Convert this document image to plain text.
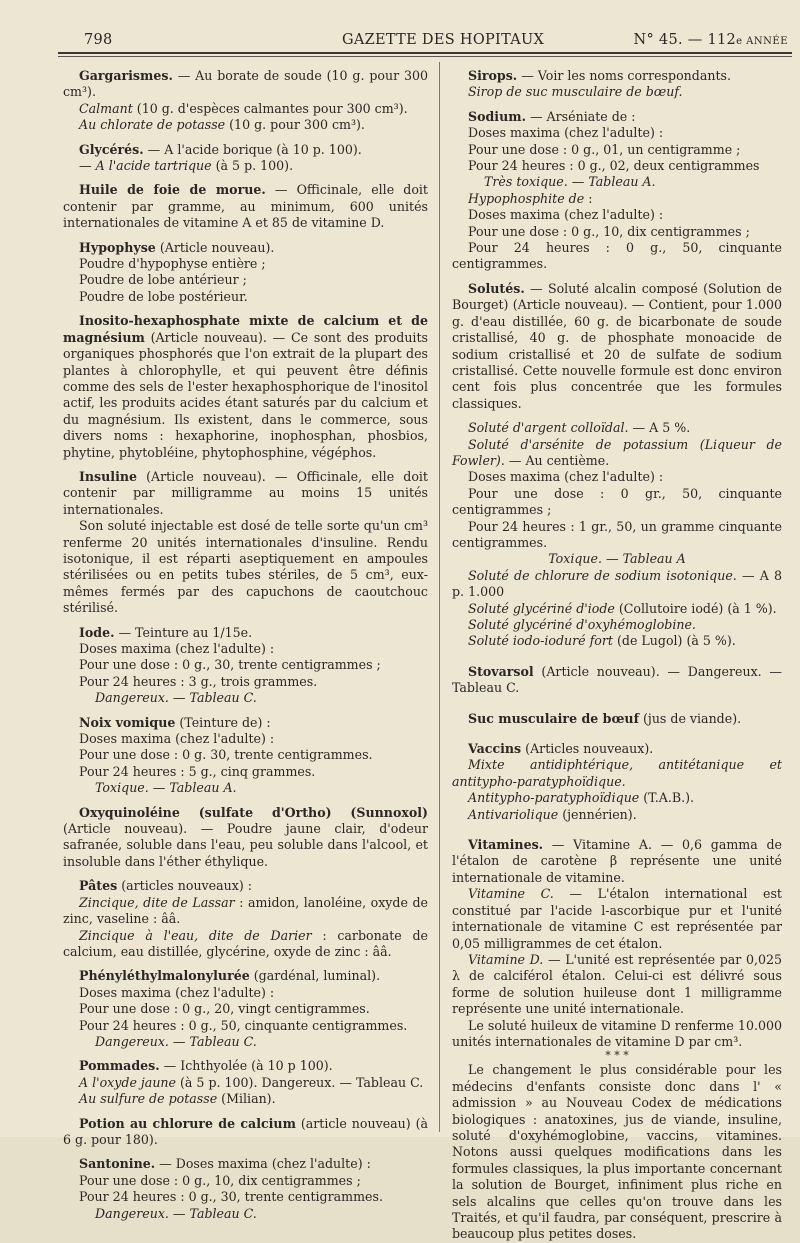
798	GAZETTE DES HOPITAUX	N° 45. — 112e ANNÉE

Gargarismes. — Au borate de soude (10 g. pour 300 cm³).

Calmant (10 g. d'espèces calmantes pour 300 cm³).

Au chlorate de potasse (10 g. pour 300 cm³).

Glycérés. — A l'acide borique (à 10 p. 100).

— A l'acide tartrique (à 5 p. 100).

Huile de foie de morue. — Officinale, elle doit contenir par gramme, au minimum, 600 unités internationales de vitamine A et 85 de vitamine D.

Hypophyse (Article nouveau).

Poudre d'hypophyse entière ;

Poudre de lobe antérieur ;

Poudre de lobe postérieur.

Inosito-hexaphosphate mixte de calcium et de magnésium (Article nouveau). — Ce sont des produits organiques phosphorés que l'on extrait de la plupart des plantes à chlorophylle, et qui peuvent être définis comme des sels de l'ester hexaphosphorique de l'inositol actif, les produits acides étant saturés par du calcium et du magnésium. Ils existent, dans le commerce, sous divers noms : hexaphorine, inophosphan, phosbios, phytine, phytobléine, phytophosphine, végéphos.

Insuline (Article nouveau). — Officinale, elle doit contenir par milligramme au moins 15 unités internationales.

Son soluté injectable est dosé de telle sorte qu'un cm³ renferme 20 unités internationales d'insuline. Rendu isotonique, il est réparti aseptiquement en ampoules stérilisées ou en petits tubes stériles, de 5 cm³, eux-mêmes fermés par des capuchons de caoutchouc stérilisé.

Iode. — Teinture au 1/15e.

Doses maxima (chez l'adulte) :

Pour une dose : 0 g., 30, trente centigrammes ;

Pour 24 heures : 3 g., trois grammes.

Dangereux. — Tableau C.

Noix vomique (Teinture de) :

Doses maxima (chez l'adulte) :

Pour une dose : 0 g. 30, trente centigrammes.

Pour 24 heures : 5 g., cinq grammes.

Toxique. — Tableau A.

Oxyquinoléine (sulfate d'Ortho) (Sunnoxol) (Article nouveau). — Poudre jaune clair, d'odeur safranée, soluble dans l'eau, peu soluble dans l'alcool, et insoluble dans l'éther éthylique.

Pâtes (articles nouveaux) :

Zincique, dite de Lassar : amidon, lanoléine, oxyde de zinc, vaseline : ââ.

Zincique à l'eau, dite de Darier : carbonate de calcium, eau distillée, glycérine, oxyde de zinc : ââ.

Phényléthylmalonylurée (gardénal, luminal).

Doses maxima (chez l'adulte) :

Pour une dose : 0 g., 20, vingt centigrammes.

Pour 24 heures : 0 g., 50, cinquante centigrammes.

Dangereux. — Tableau C.

Pommades. — Ichthyolée (à 10 p 100).

A l'oxyde jaune (à 5 p. 100). Dangereux. — Tableau C.

Au sulfure de potasse (Milian).

Potion au chlorure de calcium (article nouveau) (à 6 g. pour 180).

Santonine. — Doses maxima (chez l'adulte) :

Pour une dose : 0 g., 10, dix centigrammes ;

Pour 24 heures : 0 g., 30, trente centigrammes.

Dangereux. — Tableau C.

Sirops. — Voir les noms correspondants.

Sirop de suc musculaire de bœuf.

Sodium. — Arséniate de :

Doses maxima (chez l'adulte) :

Pour une dose : 0 g., 01, un centigramme ;

Pour 24 heures : 0 g., 02, deux centigrammes

Très toxique. — Tableau A.

Hypophosphite de :

Doses maxima (chez l'adulte) :

Pour une dose : 0 g., 10, dix centigrammes ;

Pour 24 heures : 0 g., 50, cinquante centigrammes.

Solutés. — Soluté alcalin composé (Solution de Bourget) (Article nouveau). — Contient, pour 1.000 g. d'eau distillée, 60 g. de bicarbonate de soude cristallisé, 40 g. de phosphate monoacide de sodium cristallisé et 20 de sulfate de sodium cristallisé. Cette nouvelle formule est donc environ cent fois plus concentrée que les formules classiques.

Soluté d'argent colloïdal. — A 5 %.

Soluté d'arsénite de potassium (Liqueur de Fowler). — Au centième.

Doses maxima (chez l'adulte) :

Pour une dose : 0 gr., 50, cinquante centigrammes ;

Pour 24 heures : 1 gr., 50, un gramme cinquante centigrammes.

Toxique. — Tableau A

Soluté de chlorure de sodium isotonique. — A 8 p. 1.000

Soluté glycériné d'iode (Collutoire iodé) (à 1 %).

Soluté glycériné d'oxyhémoglobine.

Soluté iodo-ioduré fort (de Lugol) (à 5 %).

Stovarsol (Article nouveau). — Dangereux. — Tableau C.

Suc musculaire de bœuf (jus de viande).

Vaccins (Articles nouveaux).

Mixte antidiphtérique, antitétanique et antitypho-paratyphoïdique.

Antitypho-paratyphoïdique (T.A.B.).

Antivariolique (jennérien).

Vitamines. — Vitamine A. — 0,6 gamma de l'étalon de carotène β représente une unité internationale de vitamine.

Vitamine C. — L'étalon international est constitué par l'acide l-ascorbique pur et l'unité internationale de vitamine C est représentée par 0,05 milligrammes de cet étalon.

Vitamine D. — L'unité est représentée par 0,025 λ de calciférol étalon. Celui-ci est délivré sous forme de solution huileuse dont 1 milligramme représente une unité internationale.

Le soluté huileux de vitamine D renferme 10.000 unités internationales de vitamine D par cm³.

* * *

Le changement le plus considérable pour les médecins d'enfants consiste donc dans l' « admission » au Nouveau Codex de médications biologiques : anatoxines, jus de viande, insuline, soluté d'oxyhémoglobine, vaccins, vitamines. Notons aussi quelques modifications dans les formules classiques, la plus importante concernant la solution de Bourget, infiniment plus riche en sels alcalins que celles qu'on trouve dans les Traités, et qu'il faudra, par conséquent, prescrire à beaucoup plus petites doses.
